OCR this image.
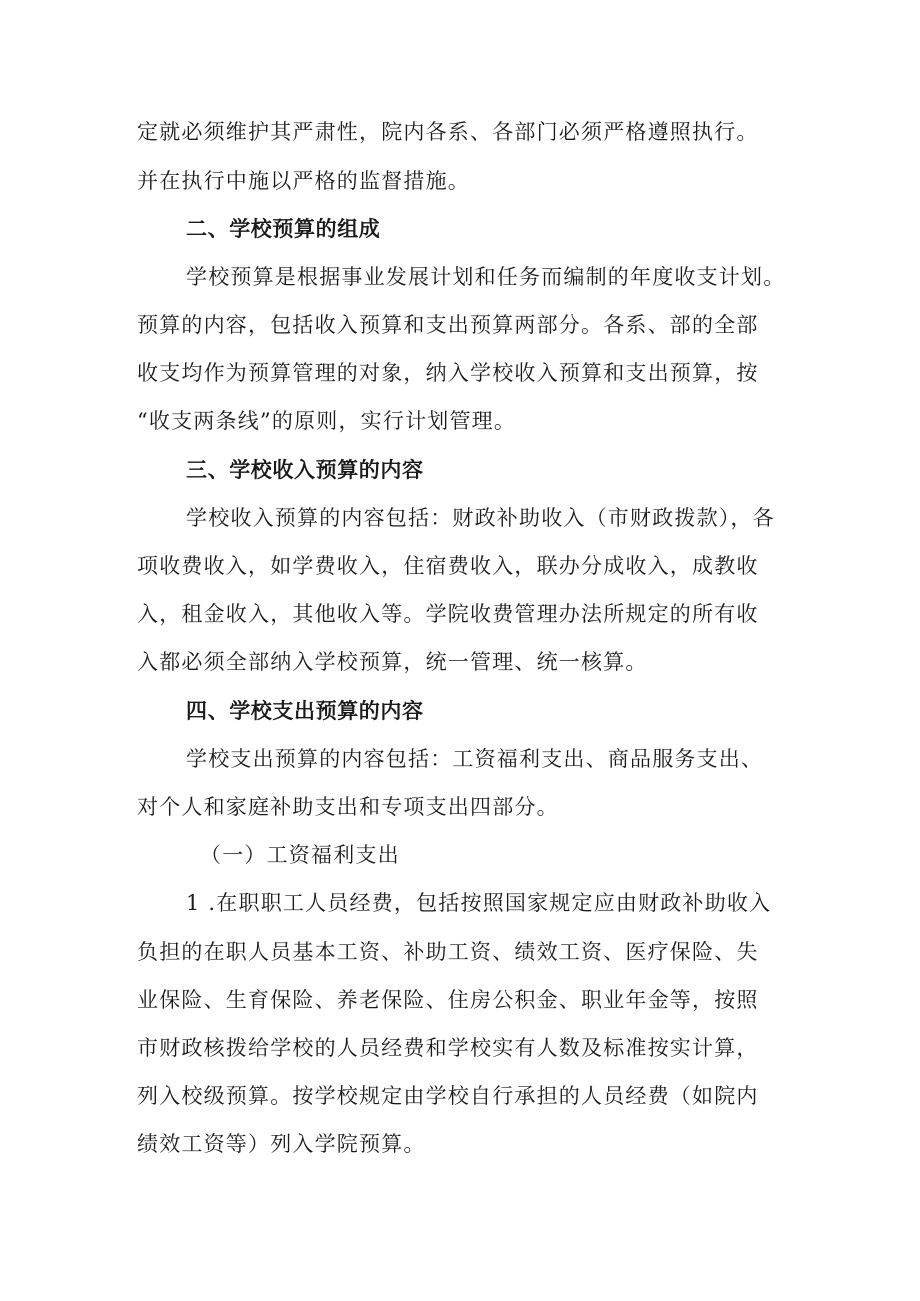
定就必须维护其严肃性，院内各系、各部门必须严格遵照执行。
并在执行中施以严格的监督措施。
二、学校预算的组成
学校预算是根据事业发展计划和任务而编制的年度收支计划。
预算的内容，包括收入预算和支出预算两部分。各系、部的全部
收支均作为预算管理的对象，纳入学校收入预算和支出预算，按
“收支两条线”的原则，实行计划管理。
三、学校收入预算的内容
学校收入预算的内容包括：财政补助收入（市财政拨款），各
项收费收入，如学费收入，住宿费收入，联办分成收入，成教收
入，租金收入，其他收入等。学院收费管理办法所规定的所有收
入都必须全部纳入学校预算，统一管理、统一核算。
四、学校支出预算的内容
学校支出预算的内容包括：工资福利支出、商品服务支出、
对个人和家庭补助支出和专项支出四部分。
（一）工资福利支出
1 .在职职工人员经费，包括按照国家规定应由财政补助收入
负担的在职人员基本工资、补助工资、绩效工资、医疗保险、失
业保险、生育保险、养老保险、住房公积金、职业年金等，按照
市财政核拨给学校的人员经费和学校实有人数及标准按实计算，
列入校级预算。按学校规定由学校自行承担的人员经费（如院内
绩效工资等）列入学院预算。
